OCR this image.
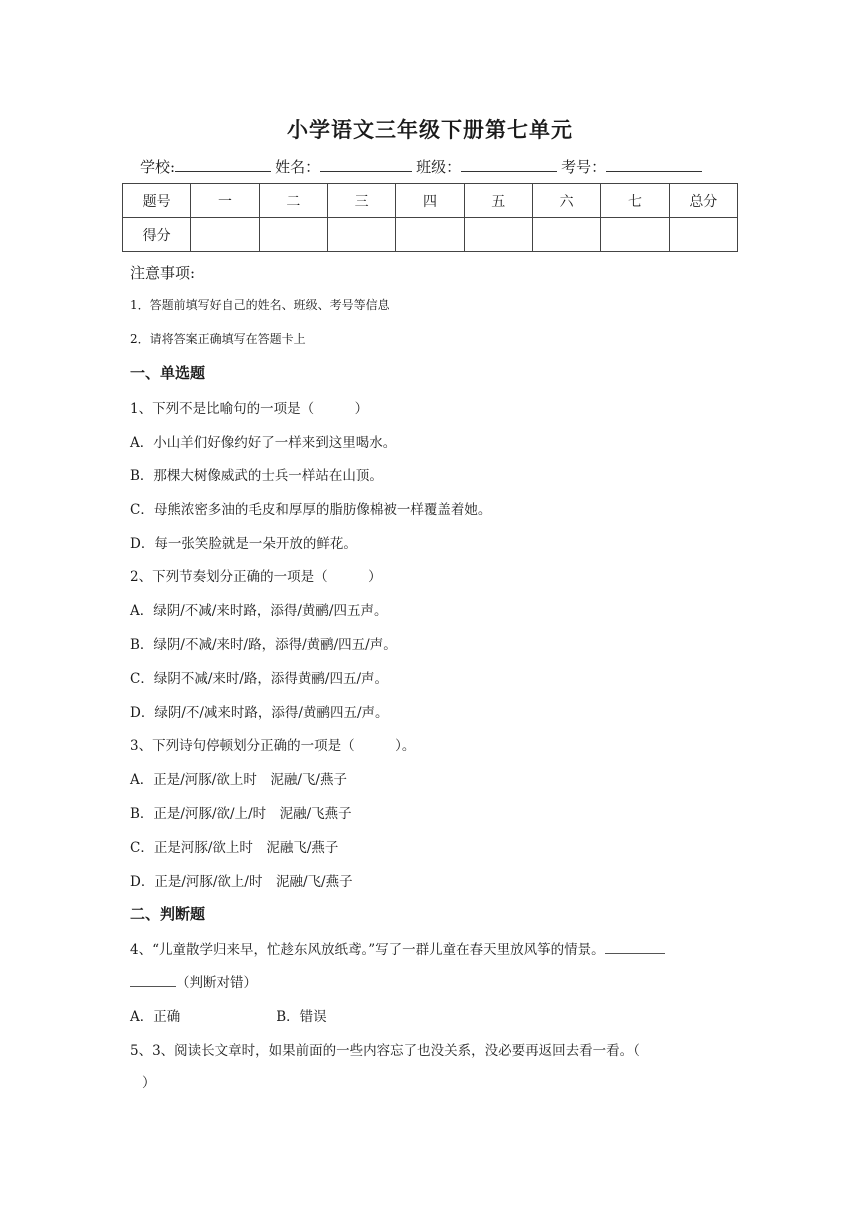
小学语文三年级下册第七单元
学校:	姓名：	班级：	考号：
题号	一	二	三	四	五	六	七	总分
得分								
注意事项:
1．答题前填写好自己的姓名、班级、考号等信息
2．请将答案正确填写在答题卡上
一、单选题
1、下列不是比喻句的一项是（　　　）
A．小山羊们好像约好了一样来到这里喝水。
B．那棵大树像威武的士兵一样站在山顶。
C．母熊浓密多油的毛皮和厚厚的脂肪像棉被一样覆盖着她。
D．每一张笑脸就是一朵开放的鲜花。
2、下列节奏划分正确的一项是（　　　）
A．绿阴/不减/来时路，添得/黄鹂/四五声。
B．绿阴/不减/来时/路，添得/黄鹂/四五/声。
C．绿阴不减/来时/路，添得黄鹂/四五/声。
D．绿阴/不/减来时路，添得/黄鹂四五/声。
3、下列诗句停顿划分正确的一项是（　　　）。
A．正是/河豚/欲上时　泥融/飞/燕子
B．正是/河豚/欲/上/时　泥融/飞燕子
C．正是河豚/欲上时　泥融飞/燕子
D．正是/河豚/欲上/时　泥融/飞/燕子
二、判断题
4、“儿童散学归来早，忙趁东风放纸鸢。”写了一群儿童在春天里放风筝的情景。
（判断对错）
A．正确	B．错误
5、3、阅读长文章时，如果前面的一些内容忘了也没关系，没必要再返回去看一看。（
）
